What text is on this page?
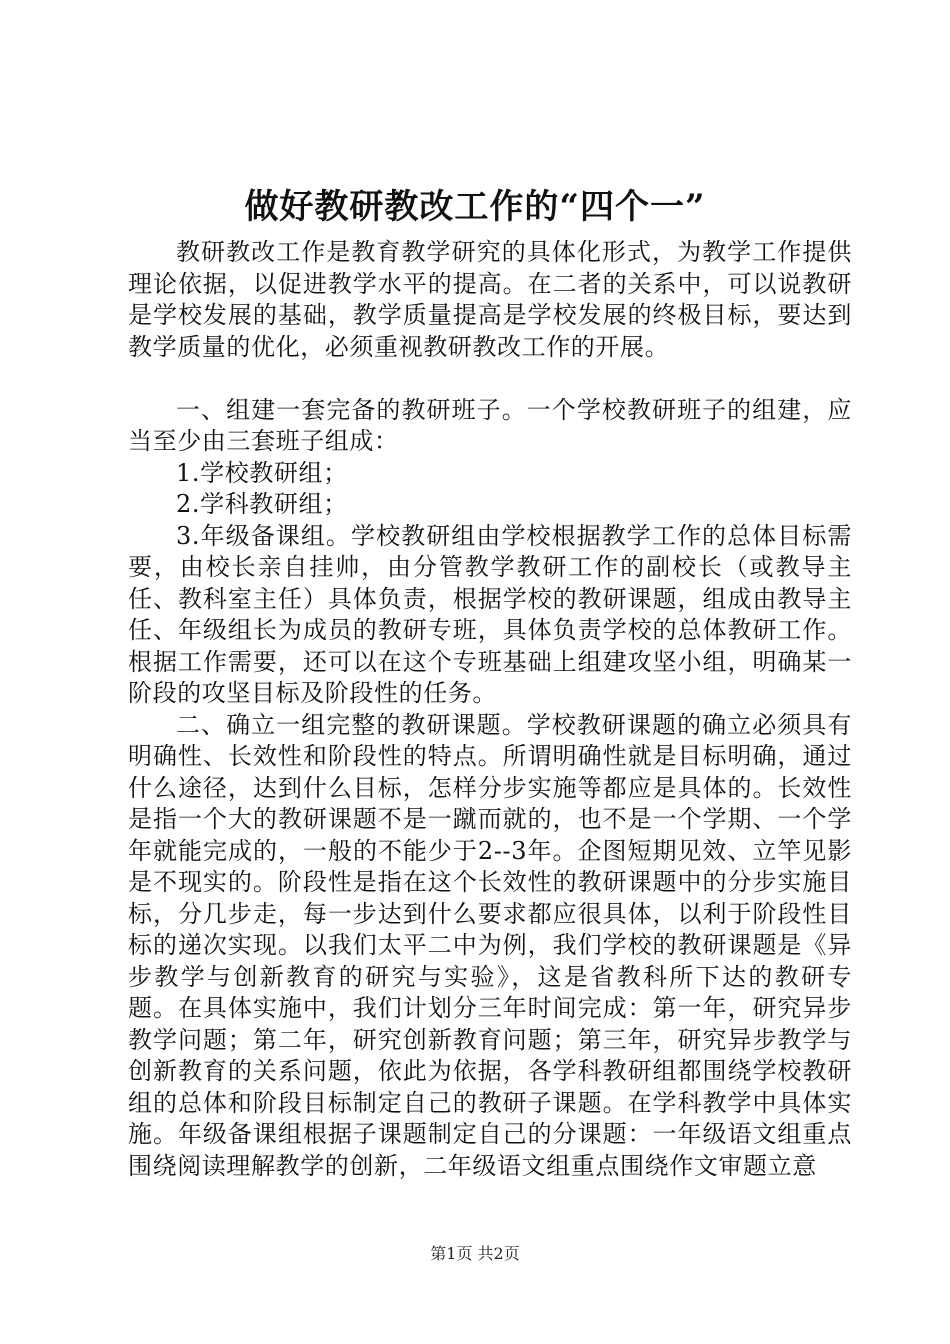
做好教研教改工作的“四个一”

教研教改工作是教育教学研究的具体化形式，为教学工作提供理论依据，以促进教学水平的提高。在二者的关系中，可以说教研是学校发展的基础，教学质量提高是学校发展的终极目标，要达到教学质量的优化，必须重视教研教改工作的开展。

一、组建一套完备的教研班子。一个学校教研班子的组建，应当至少由三套班子组成：

1.学校教研组；

2.学科教研组；

3.年级备课组。学校教研组由学校根据教学工作的总体目标需要，由校长亲自挂帅，由分管教学教研工作的副校长（或教导主任、教科室主任）具体负责，根据学校的教研课题，组成由教导主任、年级组长为成员的教研专班，具体负责学校的总体教研工作。根据工作需要，还可以在这个专班基础上组建攻坚小组，明确某一阶段的攻坚目标及阶段性的任务。

二、确立一组完整的教研课题。学校教研课题的确立必须具有明确性、长效性和阶段性的特点。所谓明确性就是目标明确，通过什么途径，达到什么目标，怎样分步实施等都应是具体的。长效性是指一个大的教研课题不是一蹴而就的，也不是一个学期、一个学年就能完成的，一般的不能少于2--3年。企图短期见效、立竿见影是不现实的。阶段性是指在这个长效性的教研课题中的分步实施目标，分几步走，每一步达到什么要求都应很具体，以利于阶段性目标的递次实现。以我们太平二中为例，我们学校的教研课题是《异步教学与创新教育的研究与实验》，这是省教科所下达的教研专题。在具体实施中，我们计划分三年时间完成：第一年，研究异步教学问题；第二年，研究创新教育问题；第三年，研究异步教学与创新教育的关系问题，依此为依据，各学科教研组都围绕学校教研组的总体和阶段目标制定自己的教研子课题。在学科教学中具体实施。年级备课组根据子课题制定自己的分课题：一年级语文组重点围绕阅读理解教学的创新，二年级语文组重点围绕作文审题立意

第1页 共2页
